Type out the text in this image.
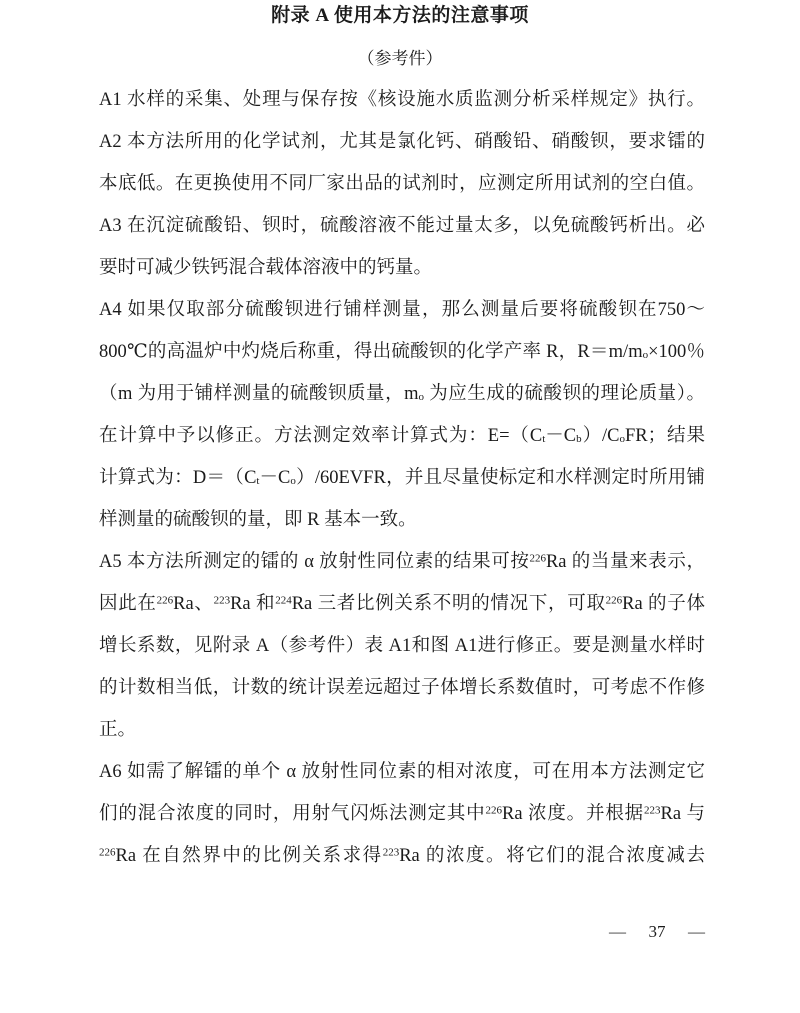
附录 A 使用本方法的注意事项
（参考件）
A1 水样的采集、处理与保存按《核设施水质监测分析采样规定》执行。
A2 本方法所用的化学试剂，尤其是氯化钙、硝酸铅、硝酸钡，要求镭的
本底低。在更换使用不同厂家出品的试剂时，应测定所用试剂的空白值。
A3 在沉淀硫酸铅、钡时，硫酸溶液不能过量太多，以免硫酸钙析出。必
要时可减少铁钙混合载体溶液中的钙量。
A4 如果仅取部分硫酸钡进行铺样测量，那么测量后要将硫酸钡在750～
800℃的高温炉中灼烧后称重，得出硫酸钡的化学产率 R，$R=m/m_o\times 100$％
（m 为用于铺样测量的硫酸钡质量，$m_o$ 为应生成的硫酸钡的理论质量）。
在计算中予以修正。方法测定效率计算式为：$E=(C_t-C_b)/C_oFR$；结果
计算式为：$D=(C_t-C_o)/60EVFR$，并且尽量使标定和水样测定时所用铺
样测量的硫酸钡的量，即 R 基本一致。
A5 本方法所测定的镭的 α 放射性同位素的结果可按$^{226}$Ra 的当量来表示，
因此在$^{226}$Ra、$^{223}$Ra 和$^{224}$Ra 三者比例关系不明的情况下，可取$^{226}$Ra 的子体
增长系数，见附录 A（参考件）表 A1和图 A1进行修正。要是测量水样时
的计数相当低，计数的统计误差远超过子体增长系数值时，可考虑不作修
正。
A6 如需了解镭的单个 α 放射性同位素的相对浓度，可在用本方法测定它
们的混合浓度的同时，用射气闪烁法测定其中$^{226}$Ra 浓度。并根据$^{223}$Ra 与
$^{226}$Ra 在自然界中的比例关系求得$^{223}$Ra 的浓度。将它们的混合浓度减去
— 37 —
